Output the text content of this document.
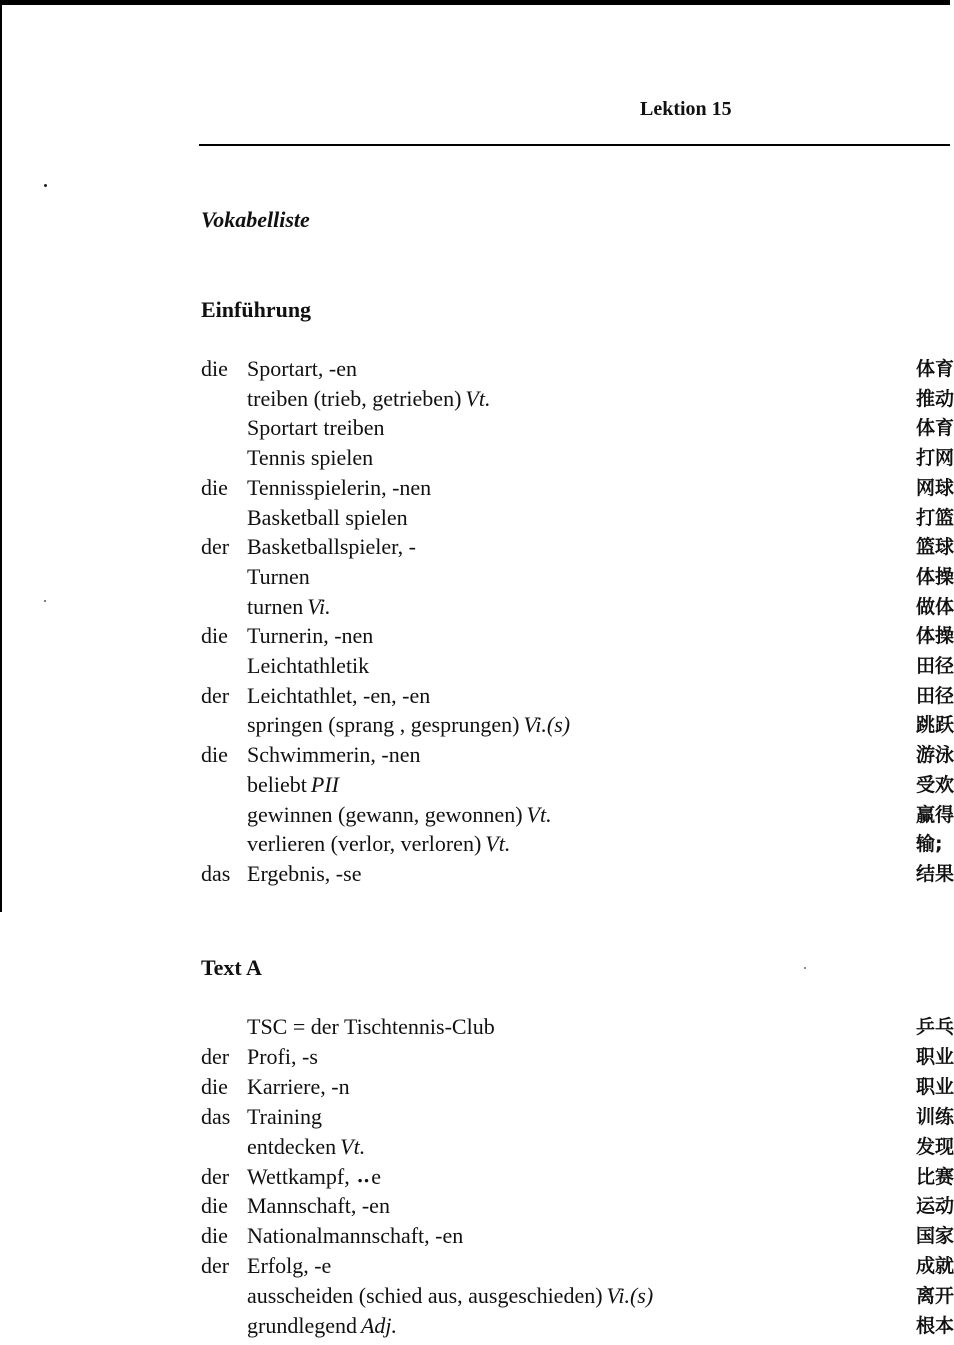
Lektion 15
Vokabelliste
Einführung
die Sportart, -en	体育
treiben (trieb, getrieben) Vt.	推动
Sportart treiben	体育
Tennis spielen	打网
die Tennisspielerin, -nen	网球
Basketball spielen	打篮
der Basketballspieler, -	篮球
Turnen	体操
turnen Vi.	做体
die Turnerin, -nen	体操
Leichtathletik	田径
der Leichtathlet, -en, -en	田径
springen (sprang , gesprungen) Vi.(s)	跳跃
die Schwimmerin, -nen	游泳
beliebt PII	受欢
gewinnen (gewann, gewonnen) Vt.	赢得
verlieren (verlor, verloren) Vt.	输;
das Ergebnis, -se	结果
Text A
TSC = der Tischtennis-Club	乒乓
der Profi, -s	职业
die Karriere, -n	职业
das Training	训练
entdecken Vt.	发现
der Wettkampf, ⠤e	比赛
die Mannschaft, -en	运动
die Nationalmannschaft, -en	国家
der Erfolg, -e	成就
ausscheiden (schied aus, ausgeschieden) Vi.(s)	离开
grundlegend Adj.	根本
